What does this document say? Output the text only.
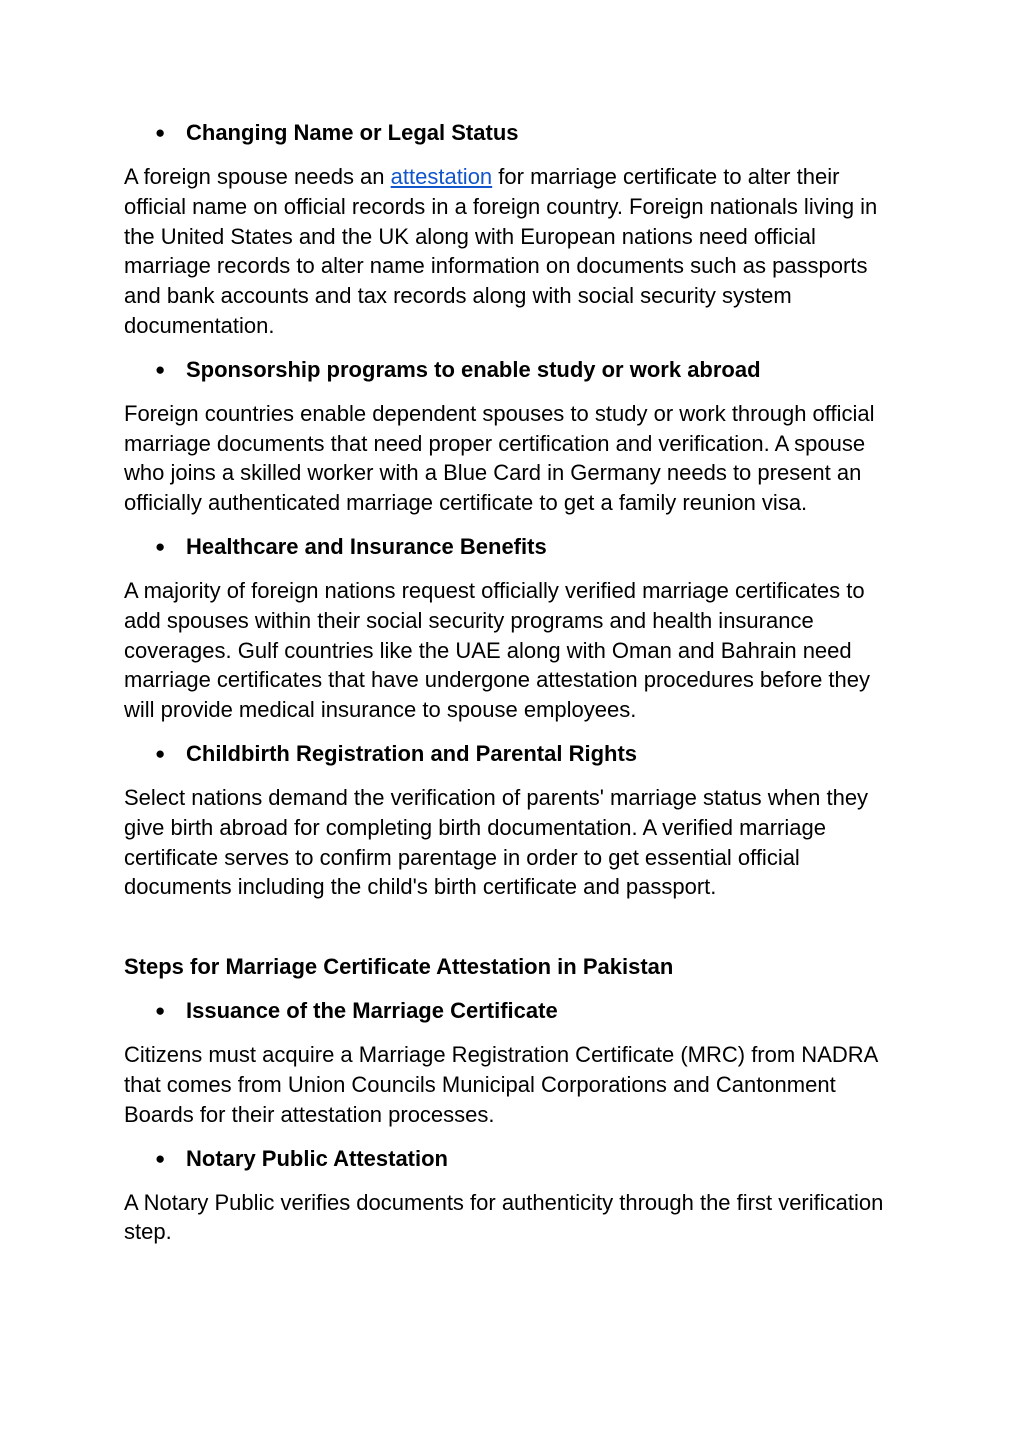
● Changing Name or Legal Status

A foreign spouse needs an attestation for marriage certificate to alter their official name on official records in a foreign country. Foreign nationals living in the United States and the UK along with European nations need official marriage records to alter name information on documents such as passports and bank accounts and tax records along with social security system documentation.

● Sponsorship programs to enable study or work abroad

Foreign countries enable dependent spouses to study or work through official marriage documents that need proper certification and verification. A spouse who joins a skilled worker with a Blue Card in Germany needs to present an officially authenticated marriage certificate to get a family reunion visa.

● Healthcare and Insurance Benefits

A majority of foreign nations request officially verified marriage certificates to add spouses within their social security programs and health insurance coverages. Gulf countries like the UAE along with Oman and Bahrain need marriage certificates that have undergone attestation procedures before they will provide medical insurance to spouse employees.

● Childbirth Registration and Parental Rights

Select nations demand the verification of parents' marriage status when they give birth abroad for completing birth documentation. A verified marriage certificate serves to confirm parentage in order to get essential official documents including the child's birth certificate and passport.

Steps for Marriage Certificate Attestation in Pakistan
● Issuance of the Marriage Certificate

Citizens must acquire a Marriage Registration Certificate (MRC) from NADRA that comes from Union Councils Municipal Corporations and Cantonment Boards for their attestation processes.

● Notary Public Attestation

A Notary Public verifies documents for authenticity through the first verification step.
